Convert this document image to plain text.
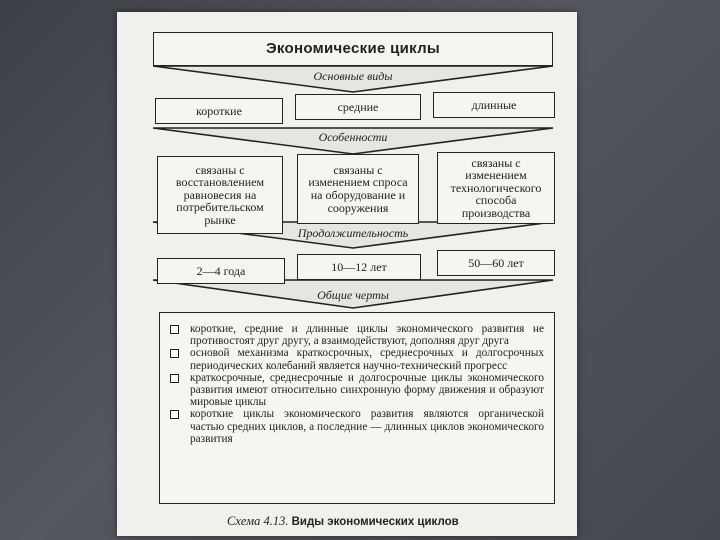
Экономические циклы
Основные виды
Особенности
Продолжительность
Общие черты
короткие	средние	длинные
связаны с восстановлением равновесия на потребительском рынке
связаны с изменением спроса на оборудование и сооружения
связаны с изменением технологического способа производства
2—4 года	10—12 лет	50—60 лет
короткие, средние и длинные циклы экономического развития не противостоят друг другу, а взаимодействуют, дополняя друг друга
основой механизма краткосрочных, среднесрочных и долгосрочных периодических колебаний является научно-технический прогресс
краткосрочные, среднесрочные и долгосрочные циклы экономического развития имеют относительно синхронную форму движения и образуют мировые циклы
короткие циклы экономического развития являются органической частью средних циклов, а последние — длинных циклов экономического развития
Схема 4.13. Виды экономических циклов
